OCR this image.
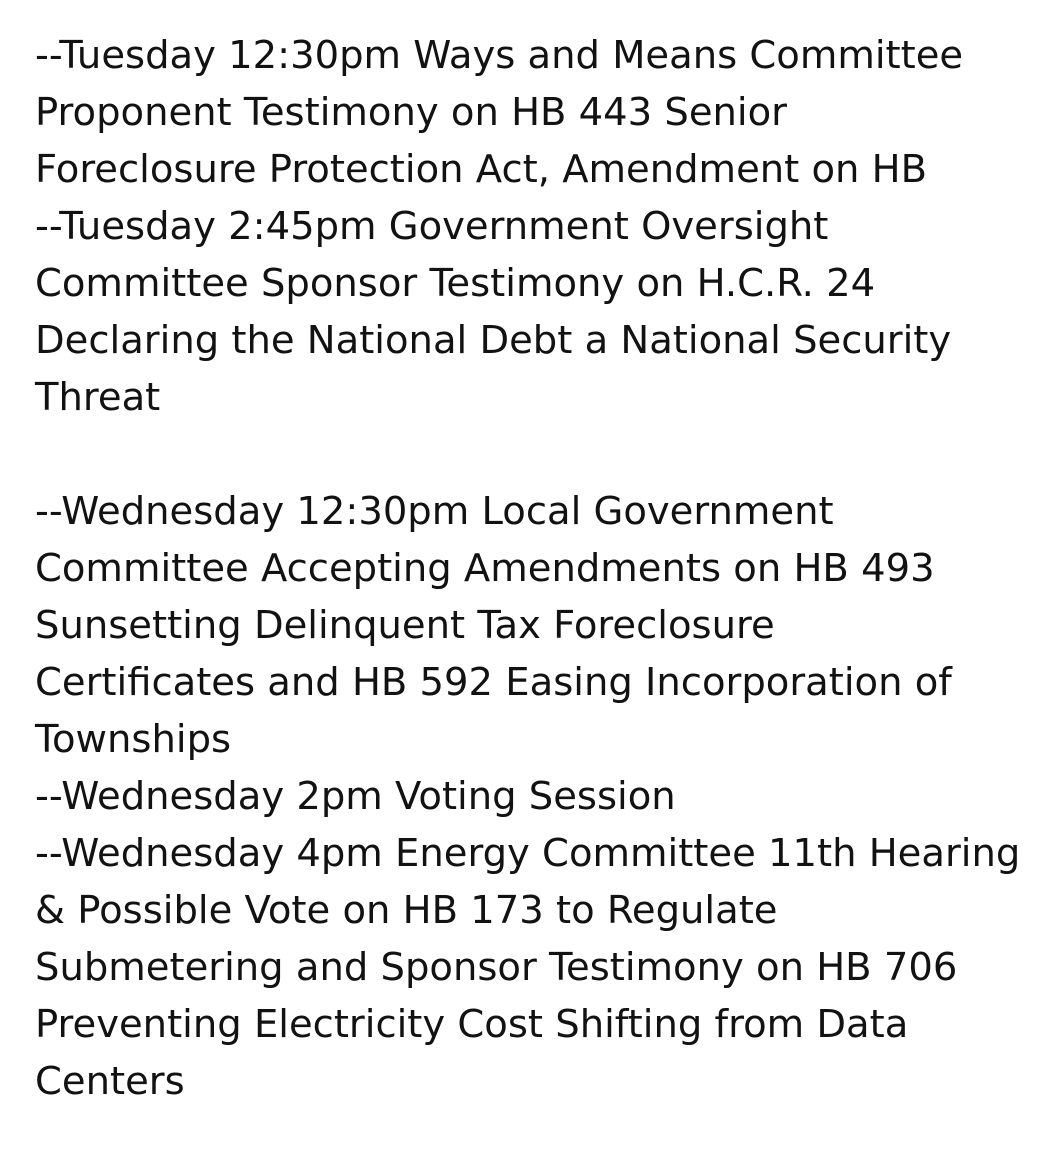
--Tuesday 12:30pm Ways and Means Committee
Proponent Testimony on HB 443 Senior
Foreclosure Protection Act, Amendment on HB
--Tuesday 2:45pm Government Oversight
Committee Sponsor Testimony on H.C.R. 24
Declaring the National Debt a National Security
Threat
--Wednesday 12:30pm Local Government
Committee Accepting Amendments on HB 493
Sunsetting Delinquent Tax Foreclosure
Certificates and HB 592 Easing Incorporation of
Townships
--Wednesday 2pm Voting Session
--Wednesday 4pm Energy Committee 11th Hearing
& Possible Vote on HB 173 to Regulate
Submetering and Sponsor Testimony on HB 706
Preventing Electricity Cost Shifting from Data
Centers
